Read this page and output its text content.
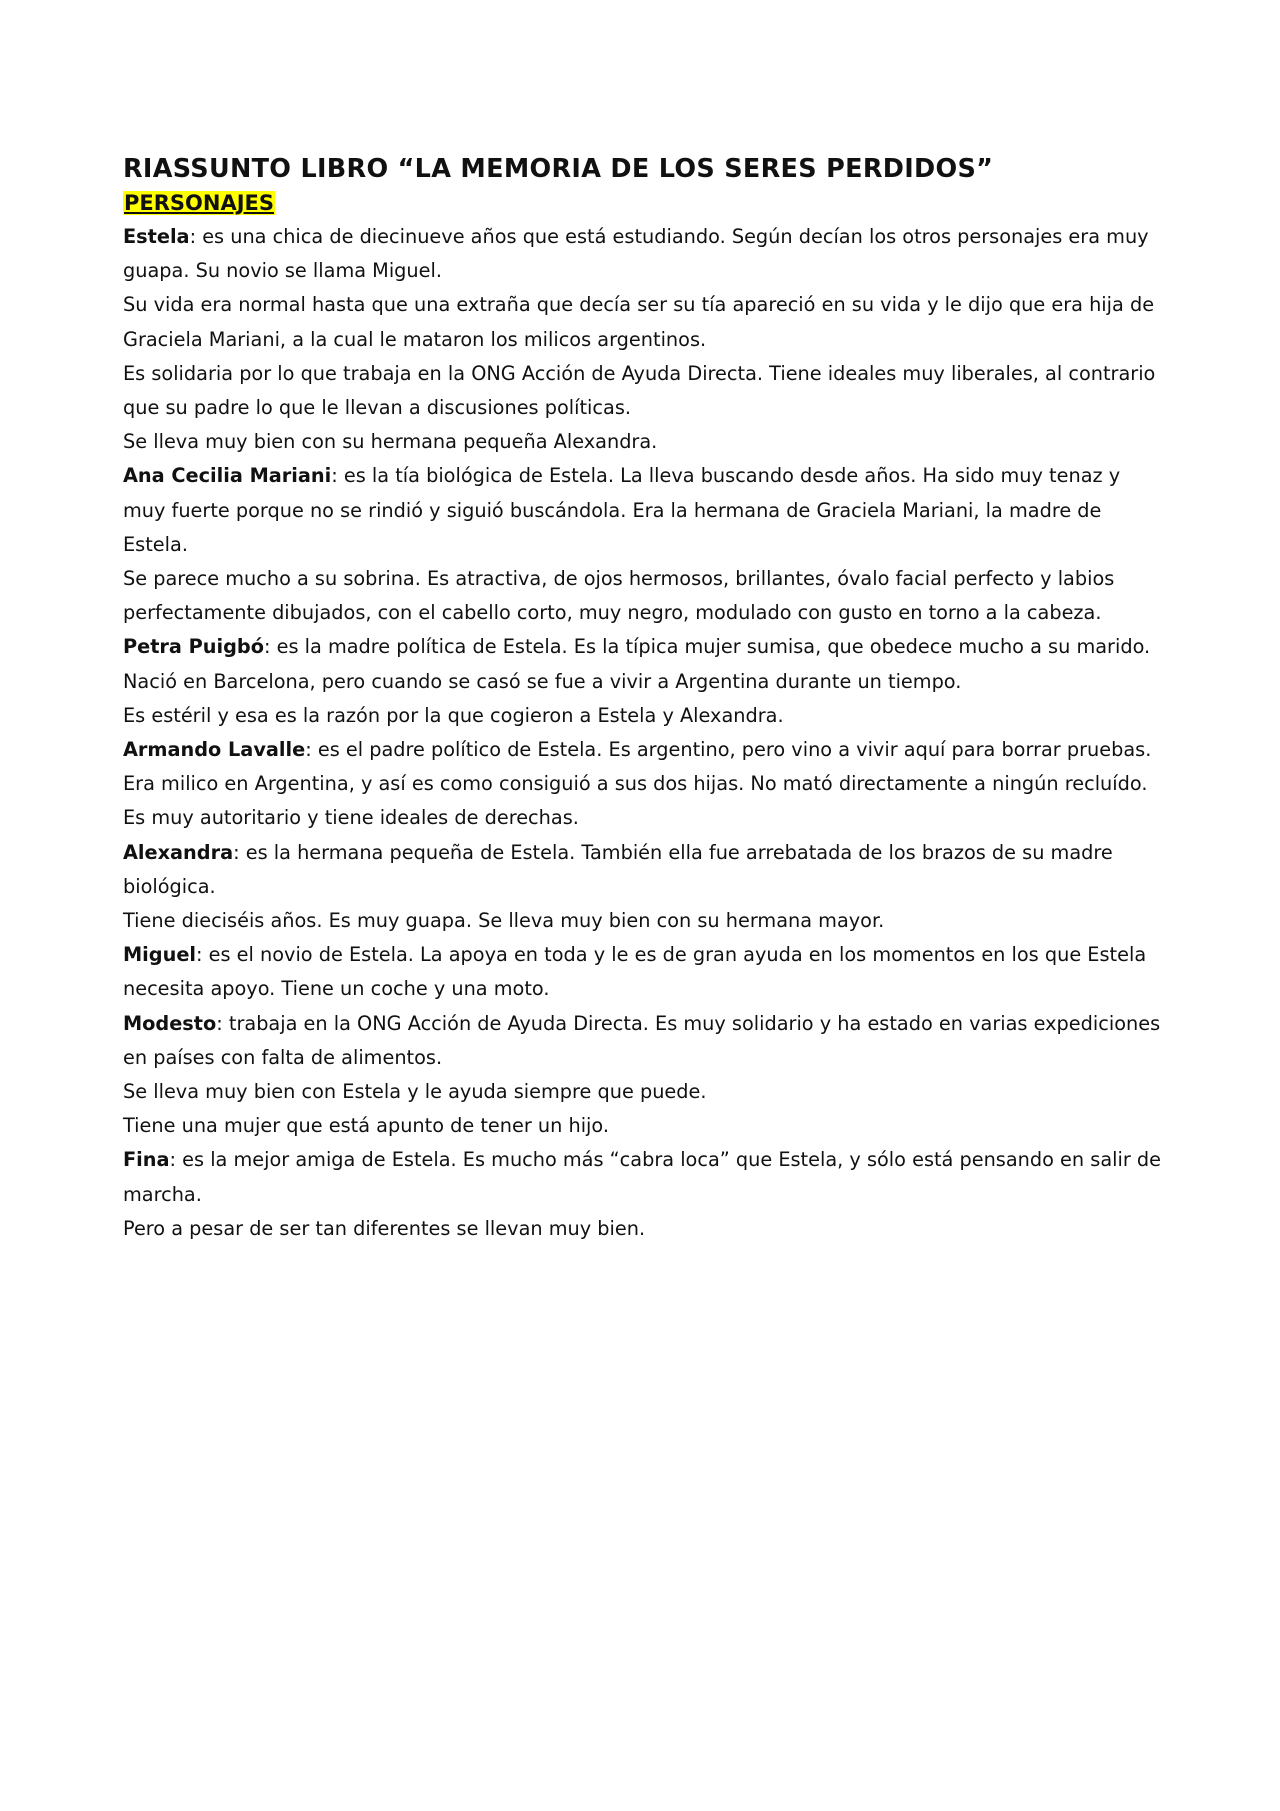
RIASSUNTO LIBRO “LA MEMORIA DE LOS SERES PERDIDOS”
PERSONAJES

Estela: es una chica de diecinueve años que está estudiando. Según decían los otros personajes era muy guapa. Su novio se llama Miguel.

Su vida era normal hasta que una extraña que decía ser su tía apareció en su vida y le dijo que era hija de Graciela Mariani, a la cual le mataron los milicos argentinos.

Es solidaria por lo que trabaja en la ONG Acción de Ayuda Directa. Tiene ideales muy liberales, al contrario que su padre lo que le llevan a discusiones políticas.

Se lleva muy bien con su hermana pequeña Alexandra.

Ana Cecilia Mariani: es la tía biológica de Estela. La lleva buscando desde años. Ha sido muy tenaz y muy fuerte porque no se rindió y siguió buscándola. Era la hermana de Graciela Mariani, la madre de Estela.

Se parece mucho a su sobrina. Es atractiva, de ojos hermosos, brillantes, óvalo facial perfecto y labios perfectamente dibujados, con el cabello corto, muy negro, modulado con gusto en torno a la cabeza.

Petra Puigbó: es la madre política de Estela. Es la típica mujer sumisa, que obedece mucho a su marido.

Nació en Barcelona, pero cuando se casó se fue a vivir a Argentina durante un tiempo.

Es estéril y esa es la razón por la que cogieron a Estela y Alexandra.

Armando Lavalle: es el padre político de Estela. Es argentino, pero vino a vivir aquí para borrar pruebas. Era milico en Argentina, y así es como consiguió a sus dos hijas. No mató directamente a ningún recluído.

Es muy autoritario y tiene ideales de derechas.

Alexandra: es la hermana pequeña de Estela. También ella fue arrebatada de los brazos de su madre biológica.

Tiene dieciséis años. Es muy guapa. Se lleva muy bien con su hermana mayor.

Miguel: es el novio de Estela. La apoya en toda y le es de gran ayuda en los momentos en los que Estela necesita apoyo. Tiene un coche y una moto.

Modesto: trabaja en la ONG Acción de Ayuda Directa. Es muy solidario y ha estado en varias expediciones en países con falta de alimentos.

Se lleva muy bien con Estela y le ayuda siempre que puede.

Tiene una mujer que está apunto de tener un hijo.

Fina: es la mejor amiga de Estela. Es mucho más “cabra loca” que Estela, y sólo está pensando en salir de marcha.

Pero a pesar de ser tan diferentes se llevan muy bien.
